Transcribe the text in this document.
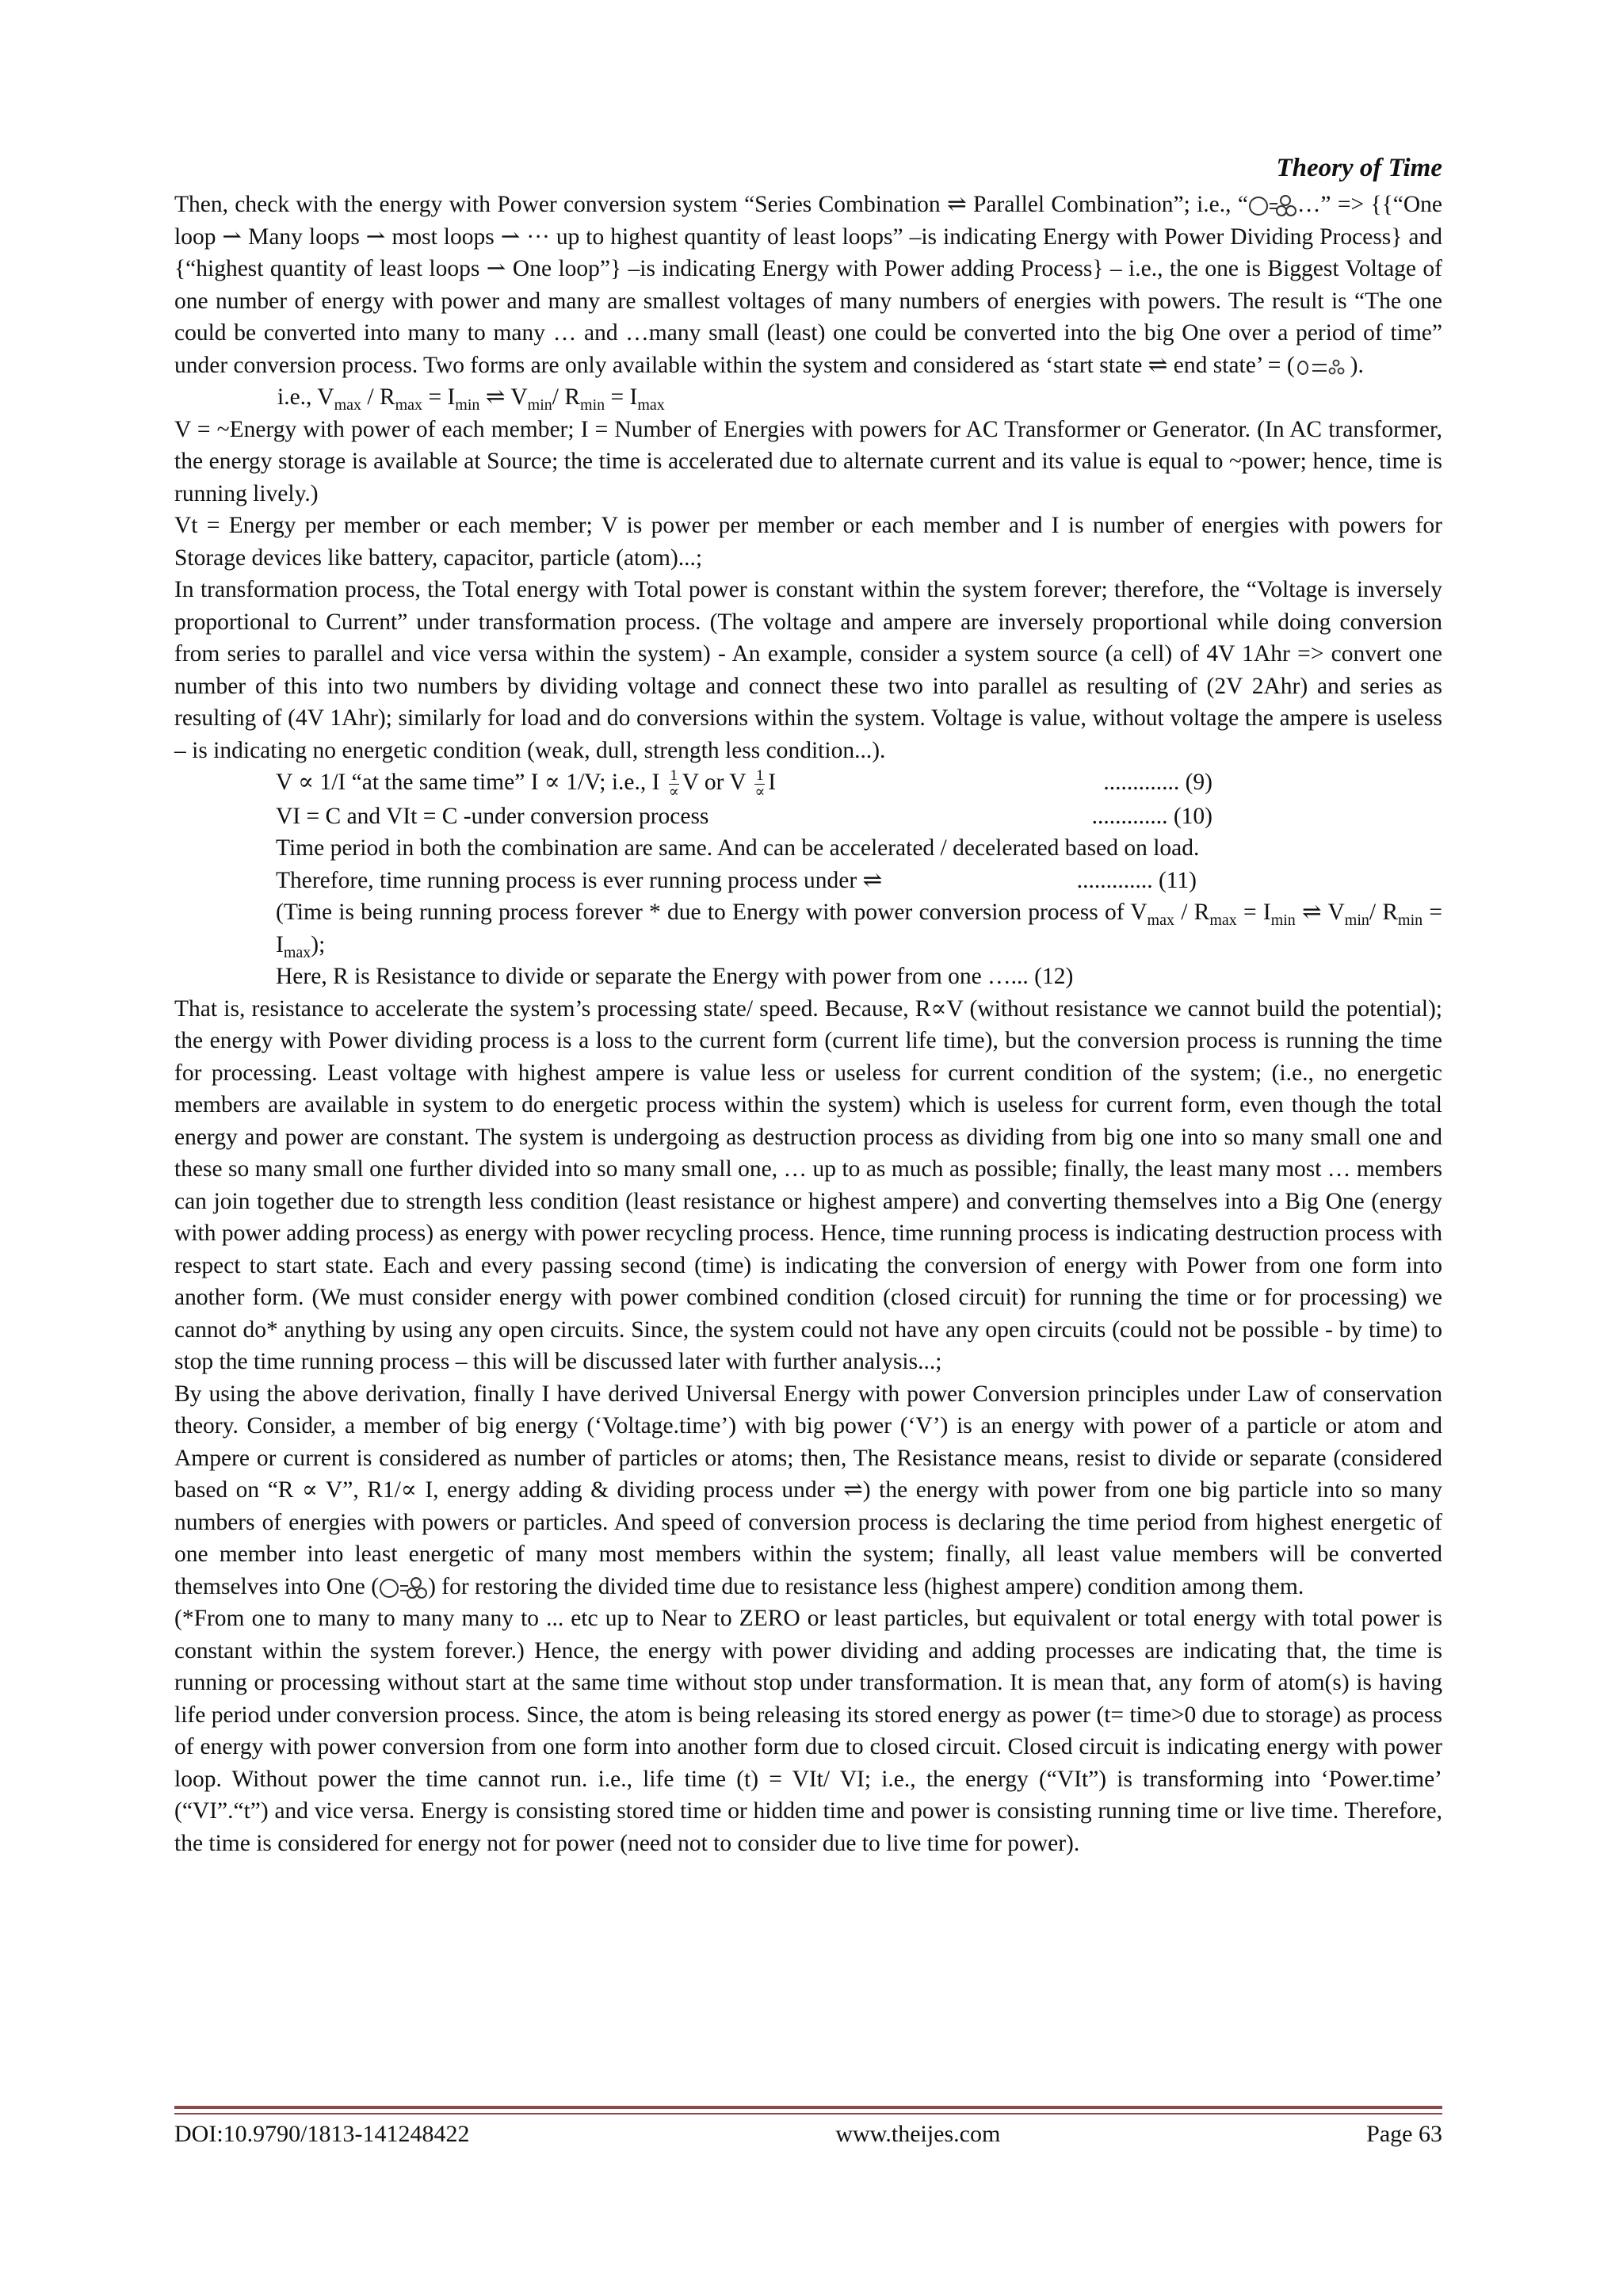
Theory of Time

Then, check with the energy with Power conversion system “Series Combination ⇌ Parallel Combination”; i.e., “ …” => {{“One loop ⇀ Many loops ⇀ most loops ⇀ ··· up to highest quantity of least loops” –is indicating Energy with Power Dividing Process} and {“highest quantity of least loops ⇀ One loop”} –is indicating Energy with Power adding Process} – i.e., the one is Biggest Voltage of one number of energy with power and many are smallest voltages of many numbers of energies with powers. The result is “The one could be converted into many to many … and …many small (least) one could be converted into the big One over a period of time” under conversion process. Two forms are only available within the system and considered as ‘start state ⇌ end state’ = ( ).

i.e., $V_{max} / R_{max} = I_{min}$ ⇌ $V_{min}/$ $R_{min} = I_{max}$

V = ~Energy with power of each member; I = Number of Energies with powers for AC Transformer or Generator. (In AC transformer, the energy storage is available at Source; the time is accelerated due to alternate current and its value is equal to ~power; hence, time is running lively.)

Vt = Energy per member or each member; V is power per member or each member and I is number of energies with powers for Storage devices like battery, capacitor, particle (atom)...;

In transformation process, the Total energy with Total power is constant within the system forever; therefore, the “Voltage is inversely proportional to Current” under transformation process. (The voltage and ampere are inversely proportional while doing conversion from series to parallel and vice versa within the system) - An example, consider a system source (a cell) of 4V 1Ahr => convert one number of this into two numbers by dividing voltage and connect these two into parallel as resulting of (2V 2Ahr) and series as resulting of (4V 1Ahr); similarly for load and do conversions within the system. Voltage is value, without voltage the ampere is useless – is indicating no energetic condition (weak, dull, strength less condition...).

V ∝ 1/I “at the same time” I ∝ 1/V; i.e., I $\frac{1}{\propto}$ V or V $\frac{1}{\propto}$ I	............. (9)
VI = C and VIt = C -under conversion process	............. (10)

Time period in both the combination are same. And can be accelerated / decelerated based on load.

Therefore, time running process is ever running process under ⇌	............. (11)

(Time is being running process forever * due to Energy with power conversion process of $V_{max} / R_{max} = I_{min}$ ⇌ $V_{min}/$ $R_{min} = I_{max}$);

Here, R is Resistance to divide or separate the Energy with power from one …... (12)

That is, resistance to accelerate the system’s processing state/ speed. Because, R∝V (without resistance we cannot build the potential); the energy with Power dividing process is a loss to the current form (current life time), but the conversion process is running the time for processing. Least voltage with highest ampere is value less or useless for current condition of the system; (i.e., no energetic members are available in system to do energetic process within the system) which is useless for current form, even though the total energy and power are constant. The system is undergoing as destruction process as dividing from big one into so many small one and these so many small one further divided into so many small one, … up to as much as possible; finally, the least many most … members can join together due to strength less condition (least resistance or highest ampere) and converting themselves into a Big One (energy with power adding process) as energy with power recycling process. Hence, time running process is indicating destruction process with respect to start state. Each and every passing second (time) is indicating the conversion of energy with Power from one form into another form. (We must consider energy with power combined condition (closed circuit) for running the time or for processing) we cannot do* anything by using any open circuits. Since, the system could not have any open circuits (could not be possible - by time) to stop the time running process – this will be discussed later with further analysis...;

By using the above derivation, finally I have derived Universal Energy with power Conversion principles under Law of conservation theory. Consider, a member of big energy (‘Voltage.time’) with big power (‘V’) is an energy with power of a particle or atom and Ampere or current is considered as number of particles or atoms; then, The Resistance means, resist to divide or separate (considered based on “R ∝ V”, R1/∝ I, energy adding & dividing process under ⇌) the energy with power from one big particle into so many numbers of energies with powers or particles. And speed of conversion process is declaring the time period from highest energetic of one member into least energetic of many most members within the system; finally, all least value members will be converted themselves into One ( ) for restoring the divided time due to resistance less (highest ampere) condition among them.

(*From one to many to many many to ... etc up to Near to ZERO or least particles, but equivalent or total energy with total power is constant within the system forever.) Hence, the energy with power dividing and adding processes are indicating that, the time is running or processing without start at the same time without stop under transformation. It is mean that, any form of atom(s) is having life period under conversion process. Since, the atom is being releasing its stored energy as power (t= time>0 due to storage) as process of energy with power conversion from one form into another form due to closed circuit. Closed circuit is indicating energy with power loop. Without power the time cannot run. i.e., life time (t) = VIt/ VI; i.e., the energy (“VIt”) is transforming into ‘Power.time’ (“VI”.“t”) and vice versa. Energy is consisting stored time or hidden time and power is consisting running time or live time. Therefore, the time is considered for energy not for power (need not to consider due to live time for power).

DOI:10.9790/1813-141248422	www.theijes.com	Page 63
